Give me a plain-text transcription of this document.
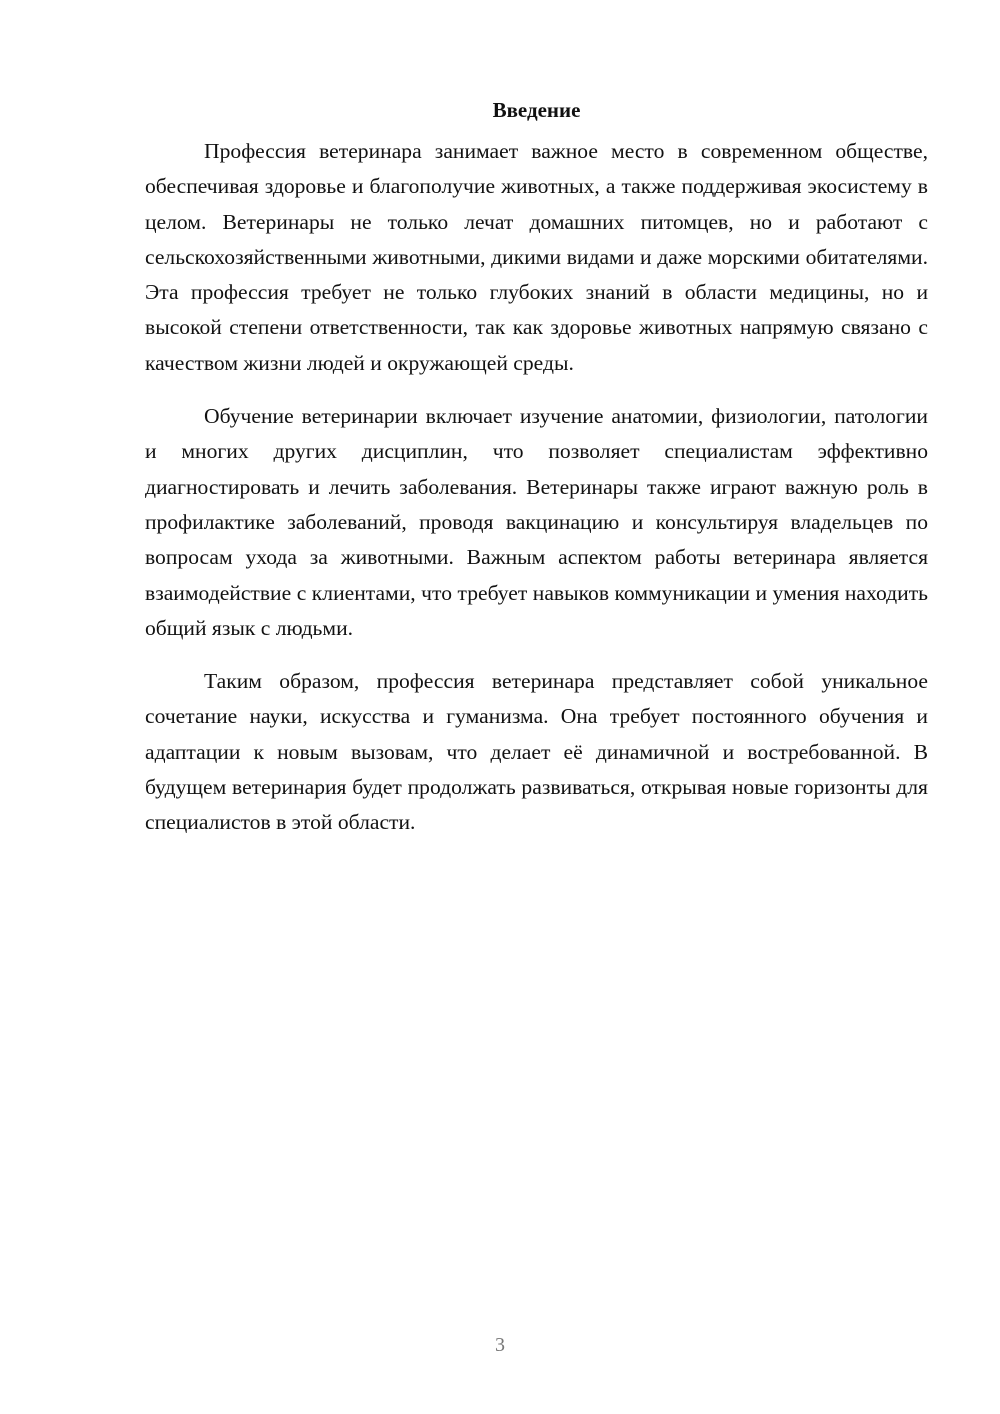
Введение

Профессия ветеринара занимает важное место в современном обществе, обеспечивая здоровье и благополучие животных, а также поддерживая экосистему в целом. Ветеринары не только лечат домашних питомцев, но и работают с сельскохозяйственными животными, дикими видами и даже морскими обитателями. Эта профессия требует не только глубоких знаний в области медицины, но и высокой степени ответственности, так как здоровье животных напрямую связано с качеством жизни людей и окружающей среды.

Обучение ветеринарии включает изучение анатомии, физиологии, патологии и многих других дисциплин, что позволяет специалистам эффективно диагностировать и лечить заболевания. Ветеринары также играют важную роль в профилактике заболеваний, проводя вакцинацию и консультируя владельцев по вопросам ухода за животными. Важным аспектом работы ветеринара является взаимодействие с клиентами, что требует навыков коммуникации и умения находить общий язык с людьми.

Таким образом, профессия ветеринара представляет собой уникальное сочетание науки, искусства и гуманизма. Она требует постоянного обучения и адаптации к новым вызовам, что делает её динамичной и востребованной. В будущем ветеринария будет продолжать развиваться, открывая новые горизонты для специалистов в этой области.

3
